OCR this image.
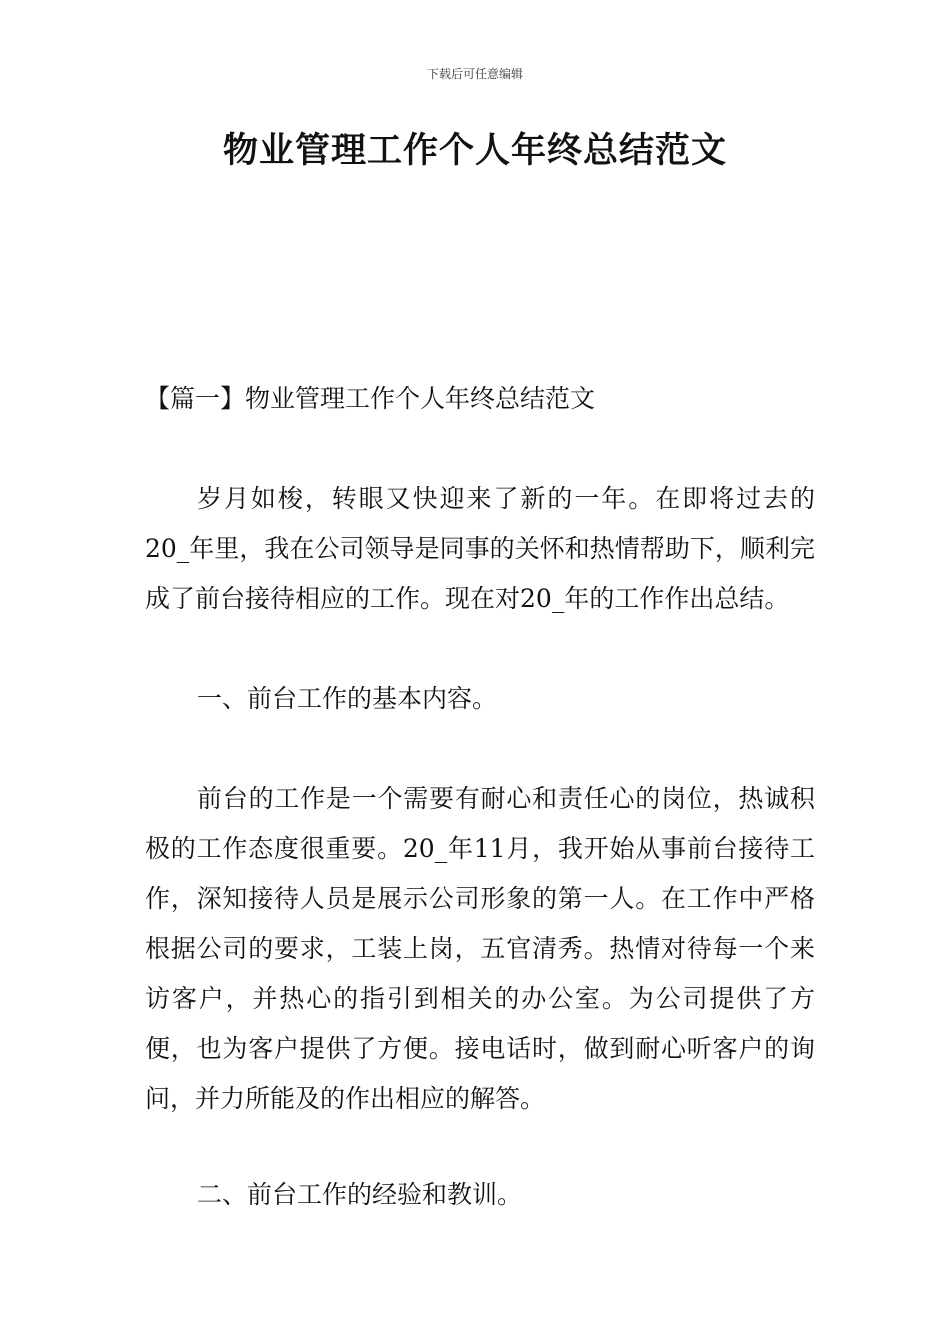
下载后可任意编辑
物业管理工作个人年终总结范文
【篇一】物业管理工作个人年终总结范文

岁月如梭，转眼又快迎来了新的一年。在即将过去的20_年里，我在公司领导是同事的关怀和热情帮助下，顺利完成了前台接待相应的工作。现在对20_年的工作作出总结。

一、前台工作的基本内容。

前台的工作是一个需要有耐心和责任心的岗位，热诚积极的工作态度很重要。20_年11月，我开始从事前台接待工作，深知接待人员是展示公司形象的第一人。在工作中严格根据公司的要求，工装上岗，五官清秀。热情对待每一个来访客户，并热心的指引到相关的办公室。为公司提供了方便，也为客户提供了方便。接电话时，做到耐心听客户的询问，并力所能及的作出相应的解答。

二、前台工作的经验和教训。
